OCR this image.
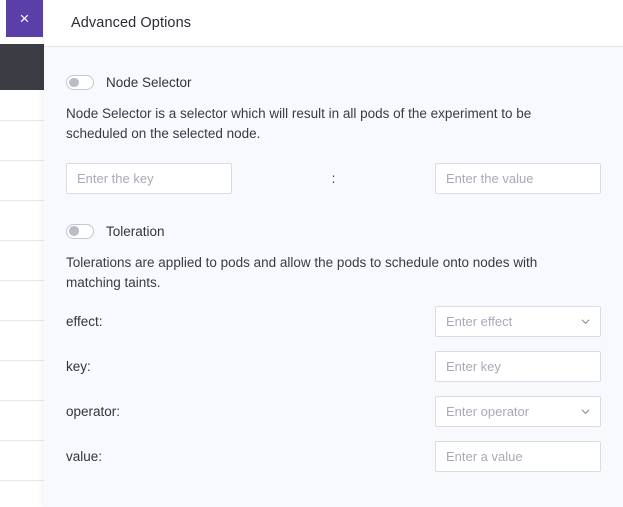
Advanced Options
Node Selector
Node Selector is a selector which will result in all pods of the experiment to be scheduled on the selected node.
Enter the key
:
Enter the value
Toleration
Tolerations are applied to pods and allow the pods to schedule onto nodes with matching taints.
effect:	Enter effect
key:
Enter key
operator:	Enter operator
value:
Enter a value
×
